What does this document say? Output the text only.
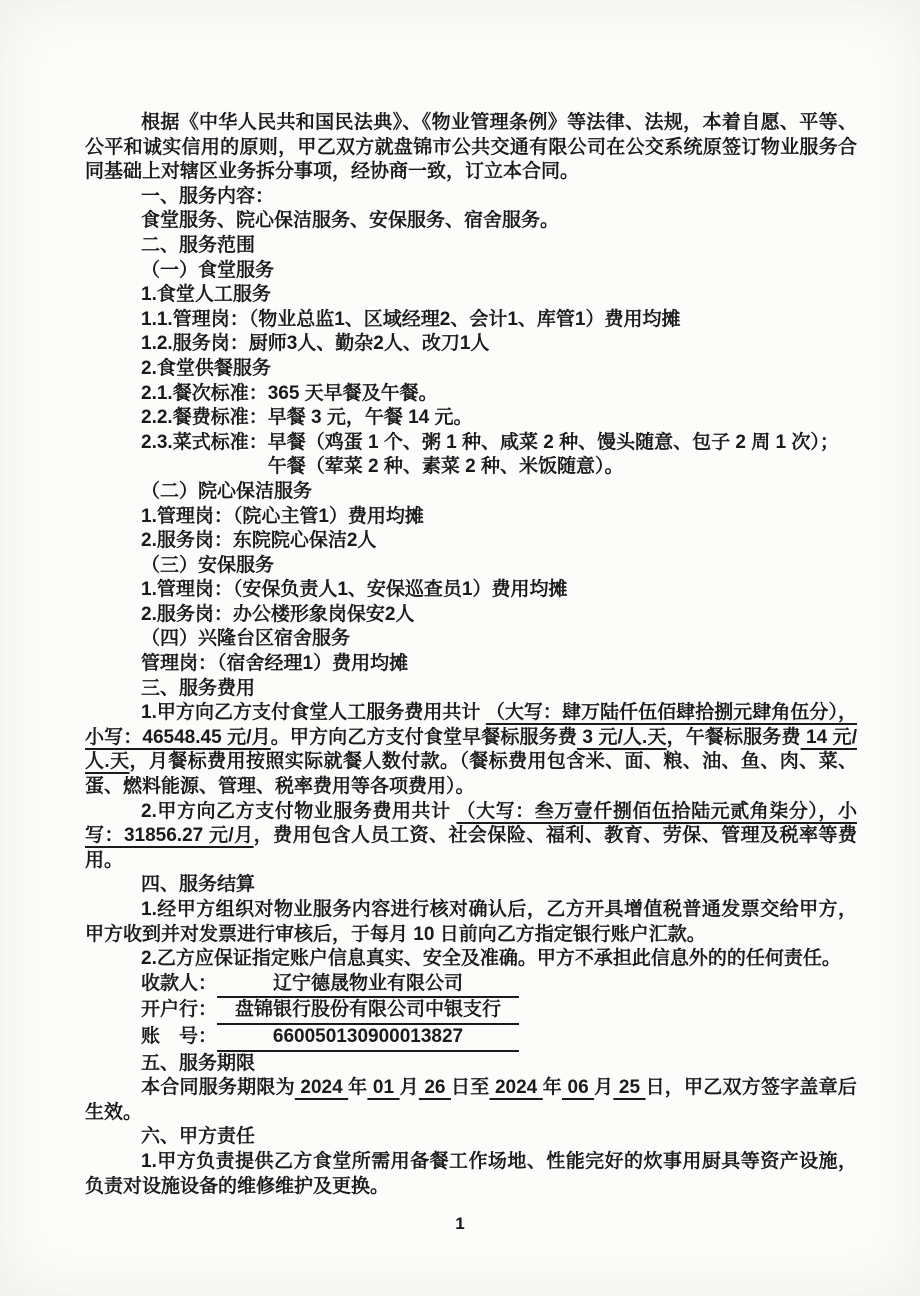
根据《中华人民共和国民法典》、《物业管理条例》等法律、法规，本着自愿、平等、公平和诚实信用的原则，甲乙双方就盘锦市公共交通有限公司在公交系统原签订物业服务合同基础上对辖区业务拆分事项，经协商一致，订立本合同。

一、服务内容：

食堂服务、院心保洁服务、安保服务、宿舍服务。

二、服务范围

（一）食堂服务

1.食堂人工服务

1.1.管理岗：（物业总监1、区域经理2、会计1、库管1）费用均摊

1.2.服务岗：厨师3人、勤杂2人、改刀1人

2.食堂供餐服务

2.1.餐次标准：365 天早餐及午餐。

2.2.餐费标准：早餐 3 元，午餐 14 元。

2.3.菜式标准： 早餐（鸡蛋 1 个、粥 1 种、咸菜 2 种、馒头随意、包子 2 周 1 次）；
午餐（荤菜 2 种、素菜 2 种、米饭随意）。

（二）院心保洁服务

1.管理岗：（院心主管1）费用均摊

2.服务岗：东院院心保洁2人

（三）安保服务

1.管理岗：（安保负责人1、安保巡查员1）费用均摊

2.服务岗：办公楼形象岗保安2人

（四）兴隆台区宿舍服务

管理岗：（宿舍经理1）费用均摊

三、服务费用

1.甲方向乙方支付食堂人工服务费用共计 （大写：肆万陆仟伍佰肆拾捌元肆角伍分），小写：46548.45 元/月。甲方向乙方支付食堂早餐标服务费 3 元/人.天，午餐标服务费 14 元/人.天，月餐标费用按照实际就餐人数付款。（餐标费用包含米、面、粮、油、鱼、肉、菜、蛋、燃料能源、管理、税率费用等各项费用）。

2.甲方向乙方支付物业服务费用共计 （大写：叁万壹仟捌佰伍拾陆元贰角柒分），小写：31856.27 元/月，费用包含人员工资、社会保险、福利、教育、劳保、管理及税率等费用。

四、服务结算

1.经甲方组织对物业服务内容进行核对确认后，乙方开具增值税普通发票交给甲方，甲方收到并对发票进行审核后，于每月 10 日前向乙方指定银行账户汇款。

2.乙方应保证指定账户信息真实、安全及准确。甲方不承担此信息外的的任何责任。

收款人：	辽宁德晟物业有限公司
开户行： 盘锦银行股份有限公司中银支行
账　号：	660050130900013827

五、服务期限

本合同服务期限为 2024 年 01 月 26 日至 2024 年 06 月 25 日，甲乙双方签字盖章后生效。

六、甲方责任

1.甲方负责提供乙方食堂所需用备餐工作场地、性能完好的炊事用厨具等资产设施，负责对设施设备的维修维护及更换。

1
